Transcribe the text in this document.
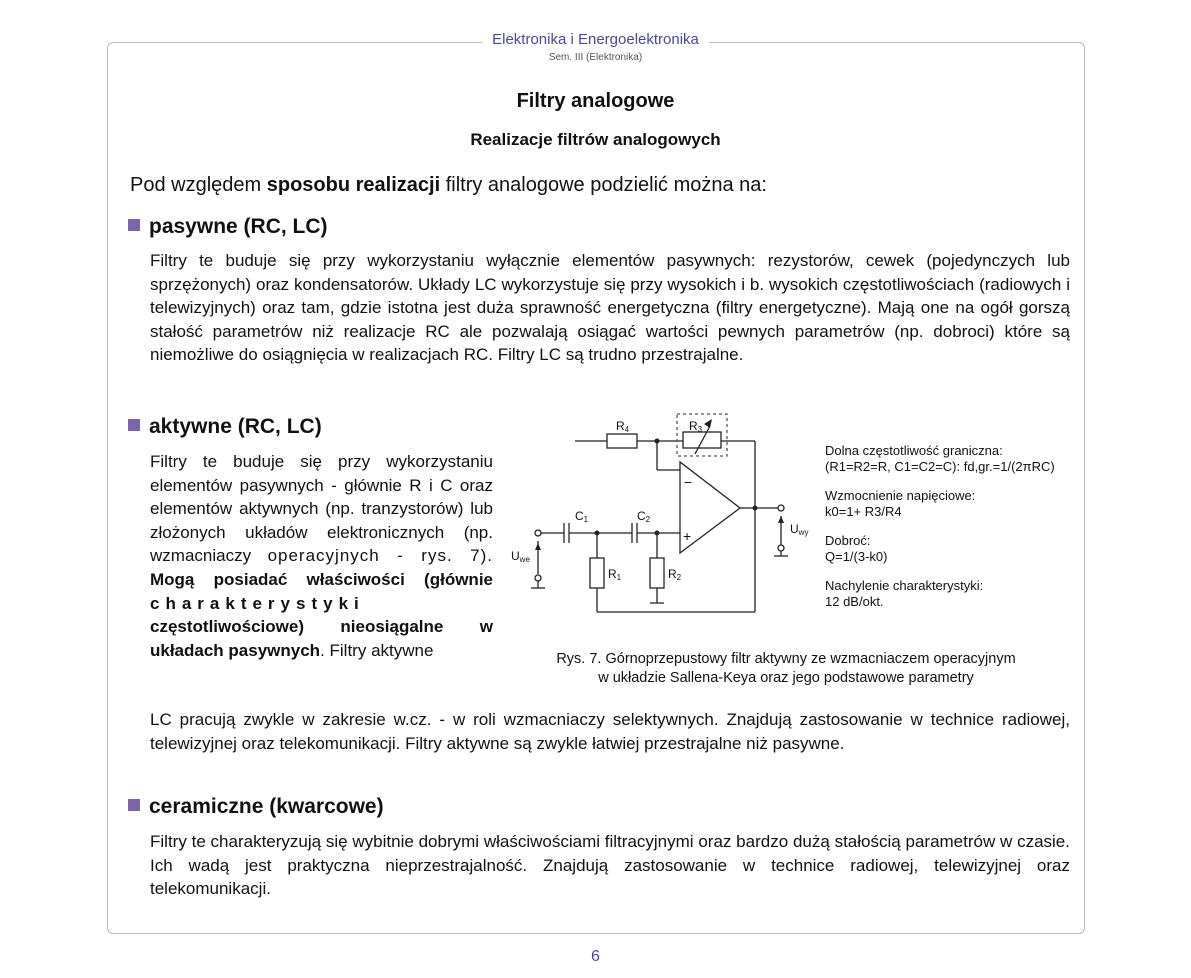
Elektronika i Energoelektronika
Sem. III (Elektronika)
Filtry analogowe
Realizacje filtrów analogowych
Pod względem sposobu realizacji filtry analogowe podzielić można na:
pasywne (RC, LC)
Filtry te buduje się przy wykorzystaniu wyłącznie elementów pasywnych: rezystorów, cewek (pojedynczych lub sprzężonych) oraz kondensatorów. Układy LC wykorzystuje się przy wysokich i b. wysokich częstotliwościach (radiowych i telewizyjnych) oraz tam, gdzie istotna jest duża sprawność energetyczna (filtry energetyczne). Mają one na ogół gorszą stałość parametrów niż realizacje RC ale pozwalają osiągać wartości pewnych parametrów (np. dobroci) które są niemożliwe do osiągnięcia w realizacjach RC. Filtry LC są trudno przestrajalne.
aktywne (RC, LC)
Filtry te buduje się przy wykorzystaniu elementów pasywnych - głównie R i C oraz elementów aktywnych (np. tranzystorów) lub złożonych układów elektronicznych (np. wzmacniaczy operacyjnych - rys. 7). Mogą posiadać właściwości (głównie charakterystyki częstotliwościowe) nieosiągalne w układach pasywnych. Filtry aktywne
LC pracują zwykle w zakresie w.cz. - w roli wzmacniaczy selektywnych. Znajdują zastosowanie w technice radiowej, telewizyjnej oraz telekomunikacji. Filtry aktywne są zwykle łatwiej przestrajalne niż pasywne.
R4	R3
C1	C2
R1	R2
Uwe
Uwy
−
+
Dolna częstotliwość graniczna:
(R1=R2=R, C1=C2=C): fd,gr.=1/(2πRC)
Wzmocnienie napięciowe:
k0=1+ R3/R4
Dobroć:
Q=1/(3-k0)
Nachylenie charakterystyki:
12 dB/okt.
Rys. 7. Górnoprzepustowy filtr aktywny ze wzmacniaczem operacyjnym
w układzie Sallena-Keya oraz jego podstawowe parametry
ceramiczne (kwarcowe)
Filtry te charakteryzują się wybitnie dobrymi właściwościami filtracyjnymi oraz bardzo dużą stałością parametrów w czasie. Ich wadą jest praktyczna nieprzestrajalność. Znajdują zastosowanie w technice radiowej, telewizyjnej oraz telekomunikacji.
6
